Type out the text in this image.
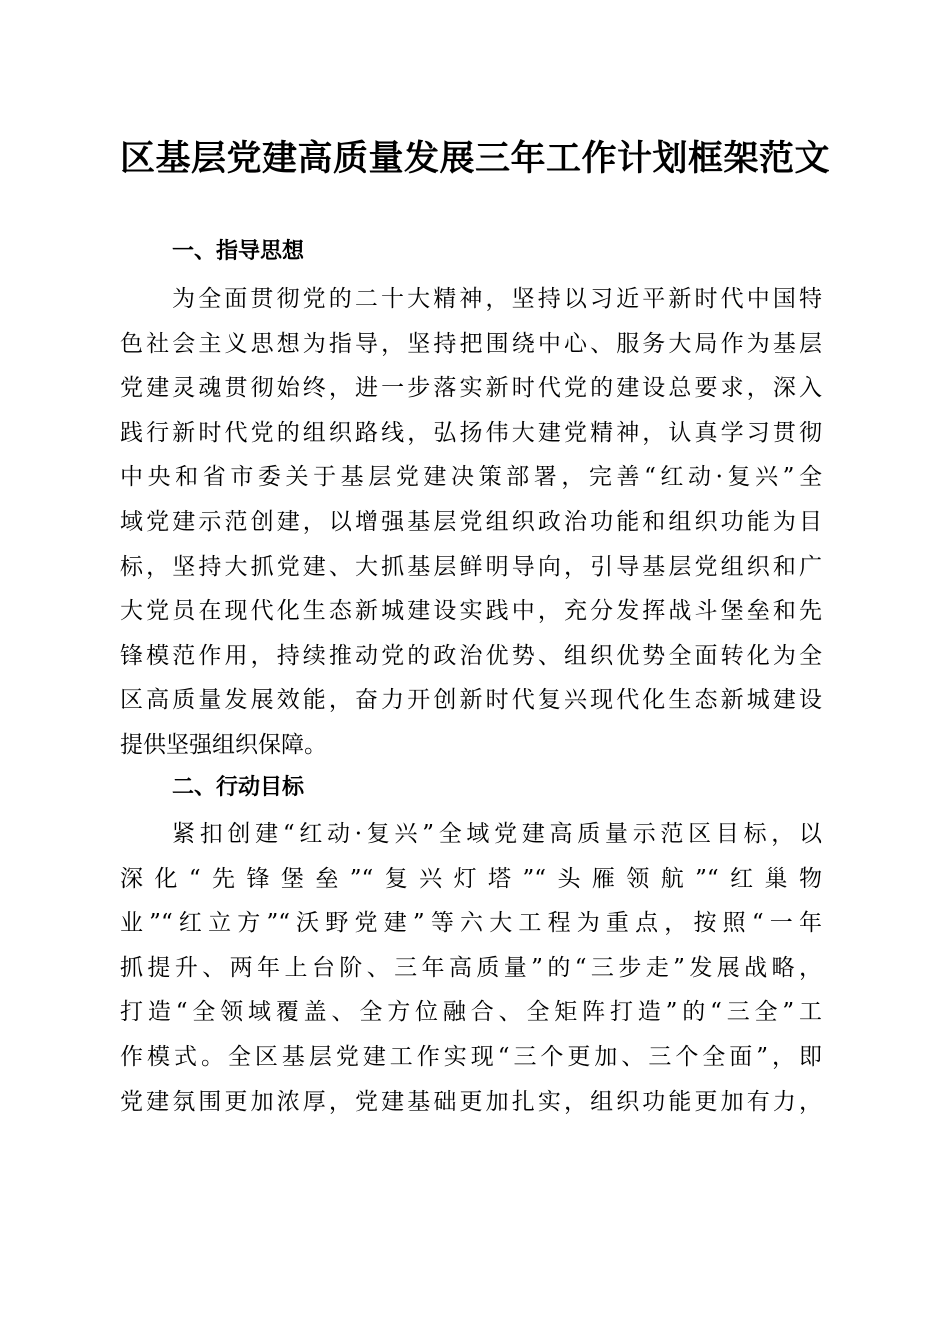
区基层党建高质量发展三年工作计划框架范文
一、指导思想
为全面贯彻党的二十大精神，坚持以习近平新时代中国特
色社会主义思想为指导，坚持把围绕中心、服务大局作为基层
党建灵魂贯彻始终，进一步落实新时代党的建设总要求，深入
践行新时代党的组织路线，弘扬伟大建党精神，认真学习贯彻
中央和省市委关于基层党建决策部署，完善“红动·复兴”全
域党建示范创建，以增强基层党组织政治功能和组织功能为目
标，坚持大抓党建、大抓基层鲜明导向，引导基层党组织和广
大党员在现代化生态新城建设实践中，充分发挥战斗堡垒和先
锋模范作用，持续推动党的政治优势、组织优势全面转化为全
区高质量发展效能，奋力开创新时代复兴现代化生态新城建设
提供坚强组织保障。
二、行动目标
紧扣创建“红动·复兴”全域党建高质量示范区目标，以
深化“先锋堡垒”“复兴灯塔”“头雁领航”“红巢物
业”“红立方”“沃野党建”等六大工程为重点，按照“一年
抓提升、两年上台阶、三年高质量”的“三步走”发展战略，
打造“全领域覆盖、全方位融合、全矩阵打造”的“三全”工
作模式。全区基层党建工作实现“三个更加、三个全面”，即
党建氛围更加浓厚，党建基础更加扎实，组织功能更加有力，
